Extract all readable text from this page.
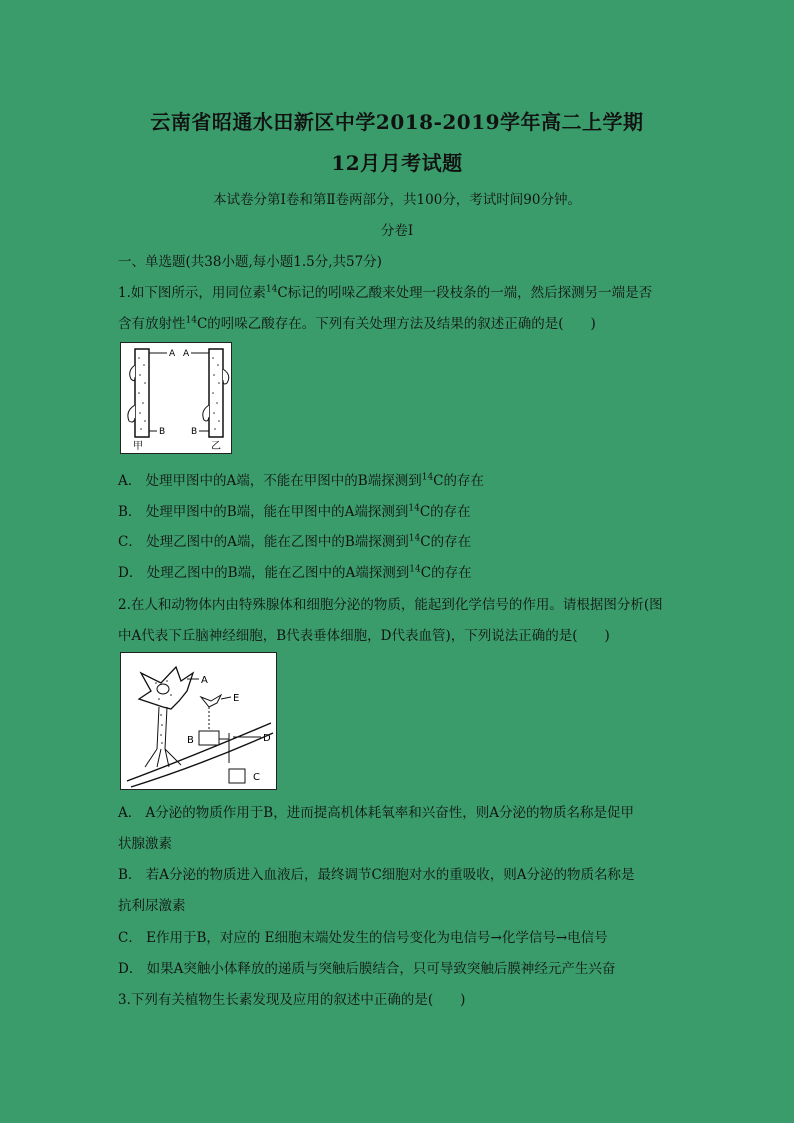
云南省昭通水田新区中学2018-2019学年高二上学期
12月月考试题
本试卷分第Ⅰ卷和第Ⅱ卷两部分，共100分，考试时间90分钟。
分卷I
一、单选题(共38小题,每小题1.5分,共57分)
1.如下图所示，用同位素$^{14}$C标记的吲哚乙酸来处理一段枝条的一端，然后探测另一端是否
含有放射性$^{14}$C的吲哚乙酸存在。下列有关处理方法及结果的叙述正确的是(　　)
A
B
甲
A
B
乙
A． 处理甲图中的A端，不能在甲图中的B端探测到$^{14}$C的存在
B． 处理甲图中的B端，能在甲图中的A端探测到$^{14}$C的存在
C． 处理乙图中的A端，能在乙图中的B端探测到$^{14}$C的存在
D． 处理乙图中的B端，能在乙图中的A端探测到$^{14}$C的存在
2.在人和动物体内由特殊腺体和细胞分泌的物质，能起到化学信号的作用。请根据图分析(图
中A代表下丘脑神经细胞，B代表垂体细胞，D代表血管)，下列说法正确的是(　　)
A
E
B	D
C
A． A分泌的物质作用于B，进而提高机体耗氧率和兴奋性，则A分泌的物质名称是促甲
状腺激素
B． 若A分泌的物质进入血液后，最终调节C细胞对水的重吸收，则A分泌的物质名称是
抗利尿激素
C． E作用于B，对应的 E细胞末端处发生的信号变化为电信号→化学信号→电信号
D． 如果A突触小体释放的递质与突触后膜结合，只可导致突触后膜神经元产生兴奋
3.下列有关植物生长素发现及应用的叙述中正确的是(　　)
